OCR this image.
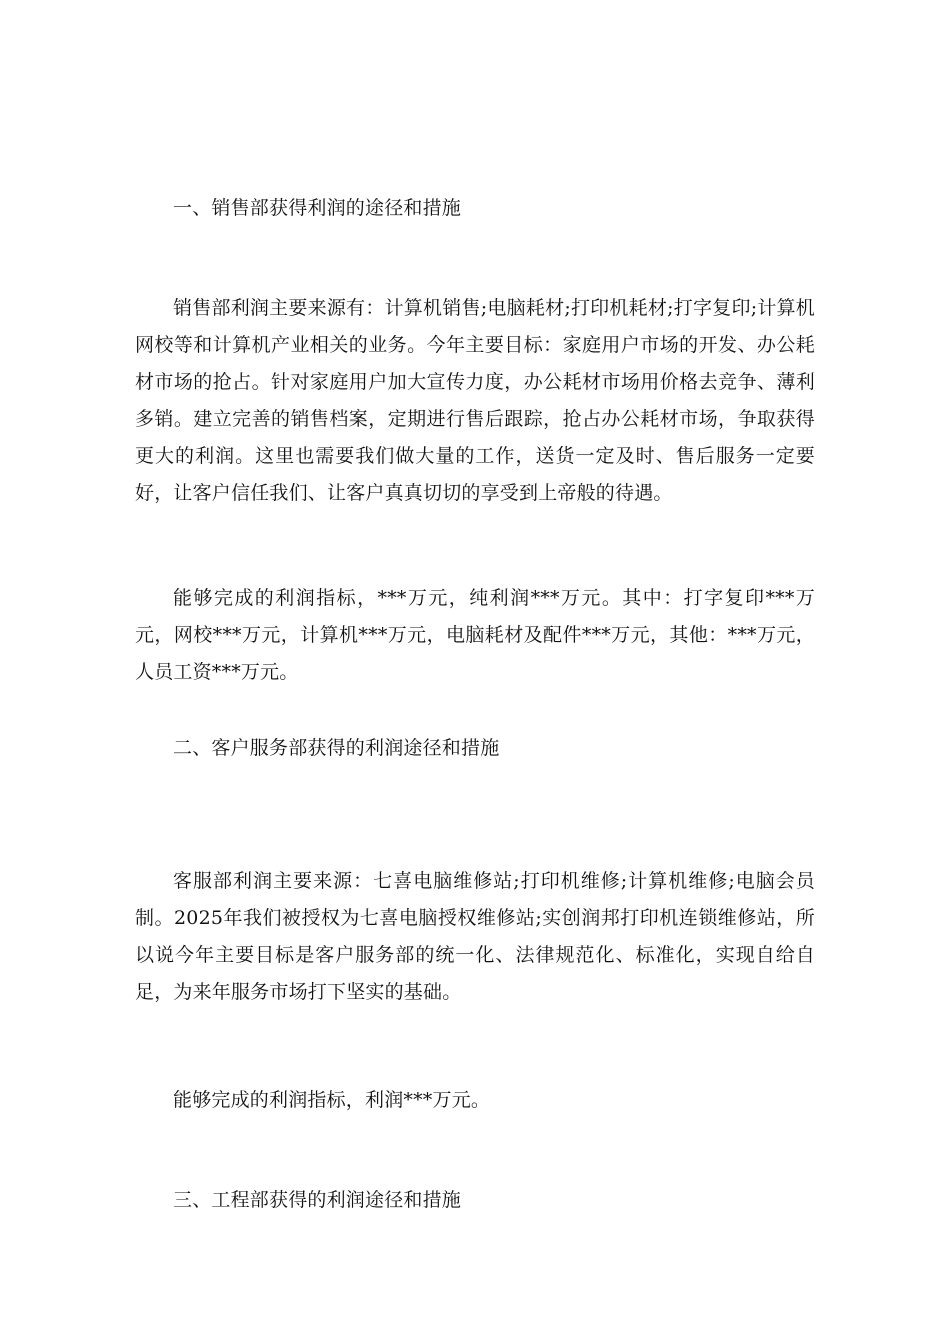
一、销售部获得利润的途径和措施
销售部利润主要来源有：计算机销售;电脑耗材;打印机耗材;打字复印;计算机网校等和计算机产业相关的业务。今年主要目标：家庭用户市场的开发、办公耗材市场的抢占。针对家庭用户加大宣传力度，办公耗材市场用价格去竞争、薄利多销。建立完善的销售档案，定期进行售后跟踪，抢占办公耗材市场，争取获得更大的利润。这里也需要我们做大量的工作，送货一定及时、售后服务一定要好，让客户信任我们、让客户真真切切的享受到上帝般的待遇。
能够完成的利润指标，***万元，纯利润***万元。其中：打字复印***万元，网校***万元，计算机***万元，电脑耗材及配件***万元，其他：***万元，人员工资***万元。
二、客户服务部获得的利润途径和措施
客服部利润主要来源：七喜电脑维修站;打印机维修;计算机维修;电脑会员制。2025年我们被授权为七喜电脑授权维修站;实创润邦打印机连锁维修站，所以说今年主要目标是客户服务部的统一化、法律规范化、标准化，实现自给自足，为来年服务市场打下坚实的基础。
能够完成的利润指标，利润***万元。
三、工程部获得的利润途径和措施
